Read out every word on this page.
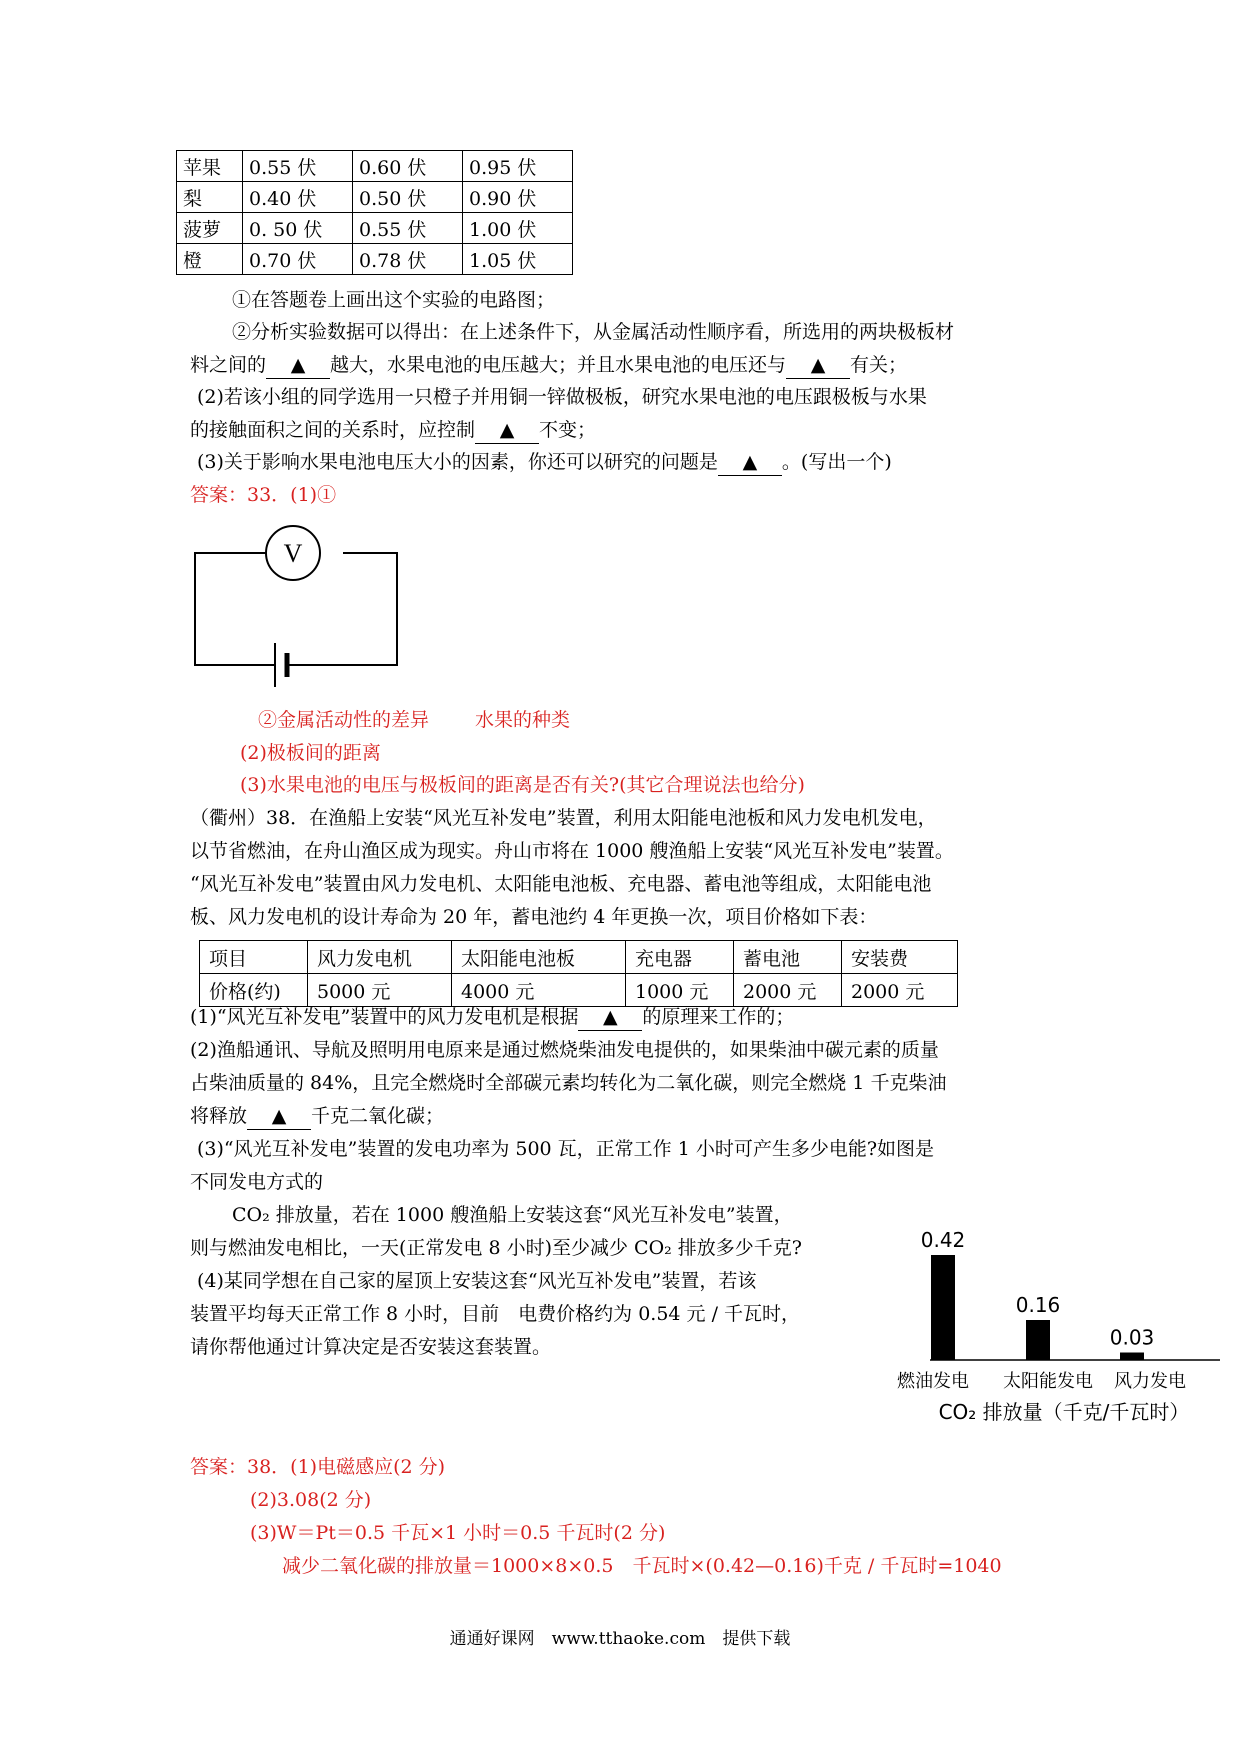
苹果	0.55 伏	0.60 伏	0.95 伏
梨	0.40 伏	0.50 伏	0.90 伏
菠萝	0. 50 伏	0.55 伏	1.00 伏
橙	0.70 伏	0.78 伏	1.05 伏
①在答题卷上画出这个实验的电路图；
②分析实验数据可以得出：在上述条件下，从金属活动性顺序看，所选用的两块极板材
料之间的 ▲ 越大，水果电池的电压越大；并且水果电池的电压还与 ▲ 有关；
(2)若该小组的同学选用一只橙子并用铜一锌做极板，研究水果电池的电压跟极板与水果
的接触面积之间的关系时，应控制 ▲ 不变；
(3)关于影响水果电池电压大小的因素，你还可以研究的问题是 ▲ 。(写出一个)
答案：33．(1)①
V
②金属活动性的差异 水果的种类
(2)极板间的距离
(3)水果电池的电压与极板间的距离是否有关?(其它合理说法也给分)
（衢州）38．在渔船上安装“风光互补发电”装置，利用太阳能电池板和风力发电机发电，
以节省燃油，在舟山渔区成为现实。舟山市将在 1000 艘渔船上安装“风光互补发电”装置。
“风光互补发电”装置由风力发电机、太阳能电池板、充电器、蓄电池等组成，太阳能电池
板、风力发电机的设计寿命为 20 年，蓄电池约 4 年更换一次，项目价格如下表：
项目	风力发电机	太阳能电池板	充电器	蓄电池	安装费
价格(约)	5000 元	4000 元	1000 元	2000 元	2000 元
(1)“风光互补发电”装置中的风力发电机是根据 ▲ 的原理来工作的；
(2)渔船通讯、导航及照明用电原来是通过燃烧柴油发电提供的，如果柴油中碳元素的质量
占柴油质量的 84%，且完全燃烧时全部碳元素均转化为二氧化碳，则完全燃烧 1 千克柴油
将释放 ▲ 千克二氧化碳；
(3)“风光互补发电”装置的发电功率为 500 瓦，正常工作 1 小时可产生多少电能?如图是
不同发电方式的
CO₂ 排放量，若在 1000 艘渔船上安装这套“风光互补发电”装置，
则与燃油发电相比，一天(正常发电 8 小时)至少减少 CO₂ 排放多少千克?
(4)某同学想在自己家的屋顶上安装这套“风光互补发电”装置，若该
装置平均每天正常工作 8 小时，目前　电费价格约为 0.54 元 / 千瓦时，
请你帮他通过计算决定是否安装这套装置。
0.42
燃油发电
0.16
太阳能发电
0.03
风力发电
CO₂ 排放量（千克/千瓦时）
答案：38．(1)电磁感应(2 分)
(2)3.08(2 分)
(3)W＝Pt＝0.5 千瓦×1 小时＝0.5 千瓦时(2 分)
减少二氧化碳的排放量＝1000×8×0.5　千瓦时×(0.42—0.16)千克 / 千瓦时=1040
通通好课网　www.tthaoke.com　提供下载
